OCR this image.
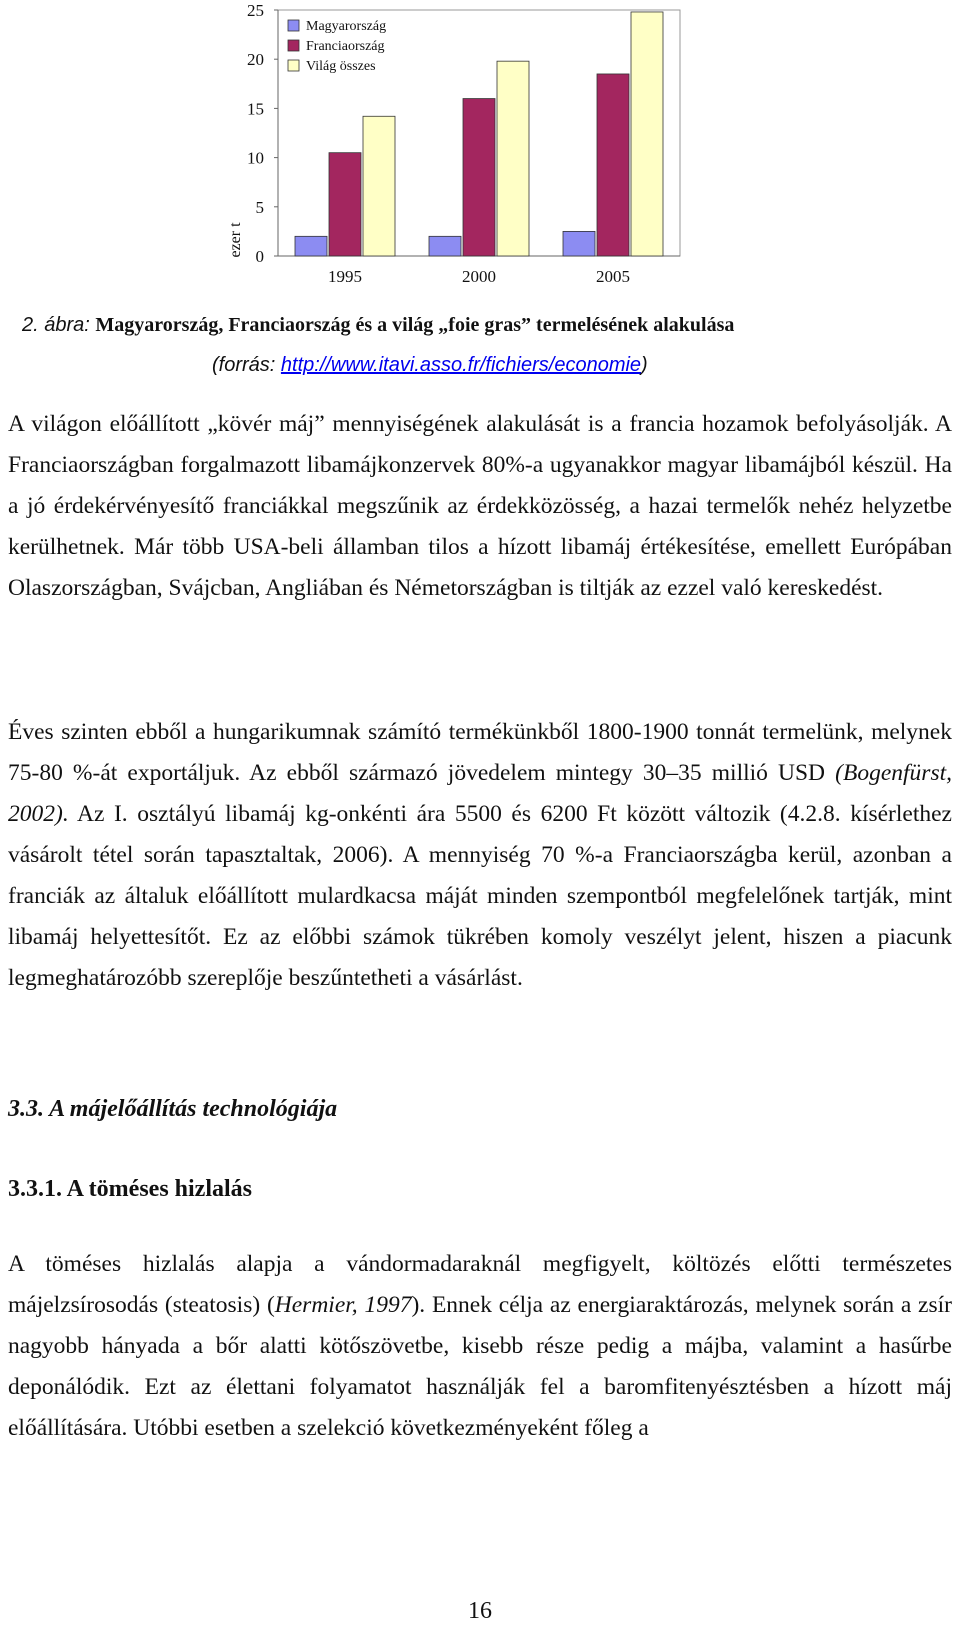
0
5
10
15
20
25
ezer t
1995	2000	2005
Magyarország
Franciaország
Világ összes
2. ábra: Magyarország, Franciaország és a világ „foie gras” termelésének alakulása
(forrás: http://www.itavi.asso.fr/fichiers/economie)

A világon előállított „kövér máj” mennyiségének alakulását is a francia hozamok befolyásolják. A Franciaországban forgalmazott libamájkonzervek 80%-a ugyanakkor magyar libamájból készül. Ha a jó érdekérvényesítő franciákkal megszűnik az érdekközösség, a hazai termelők nehéz helyzetbe kerülhetnek. Már több USA-beli államban tilos a hízott libamáj értékesítése, emellett Európában Olaszországban, Svájcban, Angliában és Németországban is tiltják az ezzel való kereskedést.

Éves szinten ebből a hungarikumnak számító termékünkből 1800-1900 tonnát termelünk, melynek 75-80 %-át exportáljuk. Az ebből származó jövedelem mintegy 30–35 millió USD (Bogenfürst, 2002). Az I. osztályú libamáj kg-onkénti ára 5500 és 6200 Ft között változik (4.2.8. kísérlethez vásárolt tétel során tapasztaltak, 2006). A mennyiség 70 %-a Franciaországba kerül, azonban a franciák az általuk előállított mulardkacsa máját minden szempontból megfelelőnek tartják, mint libamáj helyettesítőt. Ez az előbbi számok tükrében komoly veszélyt jelent, hiszen a piacunk legmeghatározóbb szereplője beszűntetheti a vásárlást.

3.3. A májelőállítás technológiája
3.3.1. A töméses hizlalás

A töméses hizlalás alapja a vándormadaraknál megfigyelt, költözés előtti természetes májelzsírosodás (steatosis) (Hermier, 1997). Ennek célja az energiaraktározás, melynek során a zsír nagyobb hányada a bőr alatti kötőszövetbe, kisebb része pedig a májba, valamint a hasűrbe deponálódik. Ezt az élettani folyamatot használják fel a baromfitenyésztésben a hízott máj előállítására. Utóbbi esetben a szelekció következményeként főleg a

16
